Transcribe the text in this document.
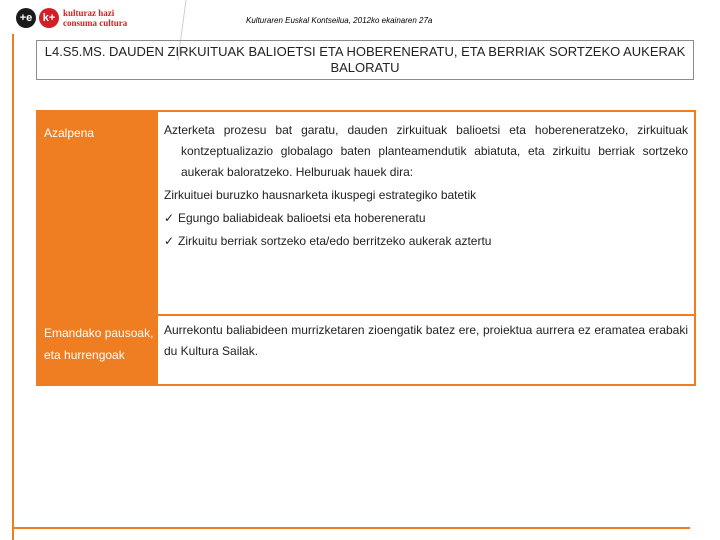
+e k+ kulturaz hazi
consuma cultura	Kulturaren Euskal Kontseilua, 2012ko ekainaren 27a
L4.S5.MS. DAUDEN ZIRKUITUAK BALIOETSI ETA HOBERENERATU, ETA BERRIAK SORTZEKO AUKERAK BALORATU
Azalpena	Azterketa prozesu bat garatu, dauden zirkuituak balioetsi eta hobereneratzeko, zirkuituak kontzeptualizazio globalago baten planteamendutik abiatuta, eta zirkuitu berriak sortzeko aukerak baloratzeko. Helburuak hauek dira:

Zirkuituei buruzko hausnarketa ikuspegi estrategiko batetik

✓ Egungo baliabideak balioetsi eta hobereneratu

✓ Zirkuitu berriak sortzeko eta/edo berritzeko aukerak aztertu

Emandako pausoak, eta hurrengoak

Aurrekontu baliabideen murrizketaren zioengatik batez ere, proiektua aurrera ez eramatea erabaki du Kultura Sailak.
